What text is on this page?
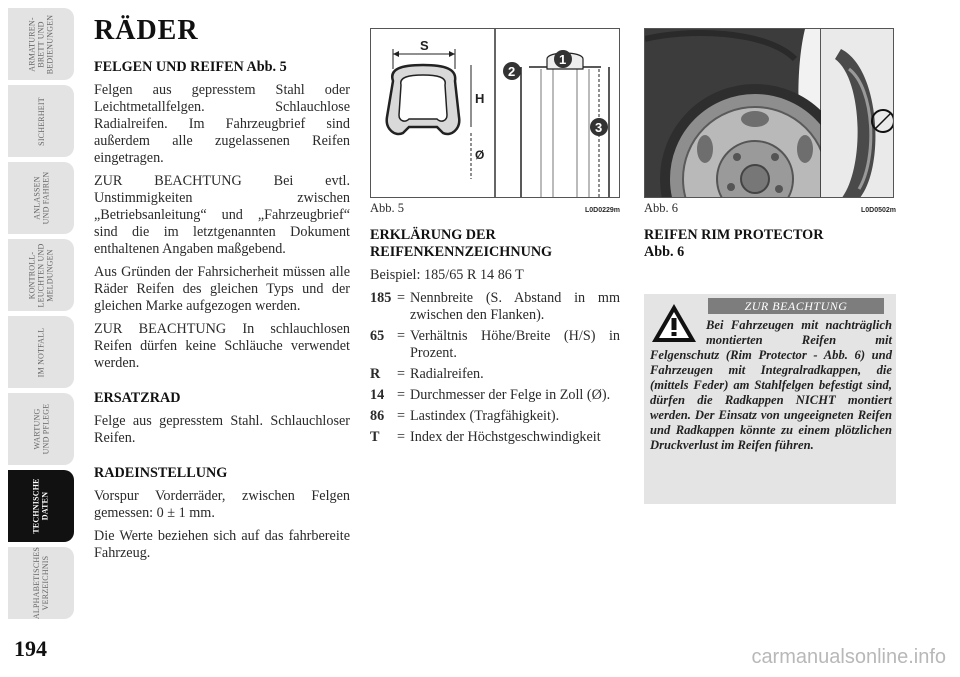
ARMATUREN-
BRETT UND
BEDIENUNGEN
SICHERHEIT
ANLASSEN
UND FAHREN
KONTROLL-
LEUCHTEN UND
MELDUNGEN
IM NOTFALL
WARTUNG
UND PFLEGE
TECHNISCHE
DATEN
ALPHABETISCHES
VERZEICHNIS
194	carmanualsonline.info
RÄDER
FELGEN UND REIFEN Abb. 5

Felgen aus gepresstem Stahl oder Leichtmetallfelgen. Schlauchlose Radialreifen. Im Fahrzeugbrief sind außerdem alle zugelassenen Reifen eingetragen.

ZUR BEACHTUNG Bei evtl. Unstimmigkeiten zwischen „Betriebsanleitung“ und „Fahrzeugbrief“ sind die im letztgenannten Dokument enthaltenen Angaben maßgebend.

Aus Gründen der Fahrsicherheit müssen alle Räder Reifen des gleichen Typs und der gleichen Marke aufgezogen werden.

ZUR BEACHTUNG In schlauchlosen Reifen dürfen keine Schläuche verwendet werden.

ERSATZRAD

Felge aus gepresstem Stahl. Schlauchloser Reifen.

RADEINSTELLUNG

Vorspur Vorderräder, zwischen Felgen gemessen: 0 ± 1 mm.

Die Werte beziehen sich auf das fahrbereite Fahrzeug.

S
H
Ø
1
2
3
Abb. 5	L0D0229m
ERKLÄRUNG DER REIFENKENNZEICHNUNG

Beispiel: 185/65 R 14 86 T

185 = Nennbreite (S. Abstand in mm zwischen den Flanken).
65 = Verhältnis Höhe/Breite (H/S) in Prozent.
R	= Radialreifen.
14 = Durchmesser der Felge in Zoll (Ø).
86 = Lastindex (Tragfähigkeit).
T	= Index der Höchstgeschwindigkeit
Abb. 6	L0D0502m
REIFEN RIM PROTECTOR
Abb. 6
ZUR BEACHTUNG
Bei Fahrzeugen mit nachträglich montierten Reifen mit Felgenschutz (Rim Protector - Abb. 6) und Fahrzeugen mit Integralradkappen, die (mittels Feder) am Stahlfelgen befestigt sind, dürfen die Radkappen NICHT montiert werden. Der Einsatz von ungeeigneten Reifen und Radkappen könnte zu einem plötzlichen Druckverlust im Reifen führen.
